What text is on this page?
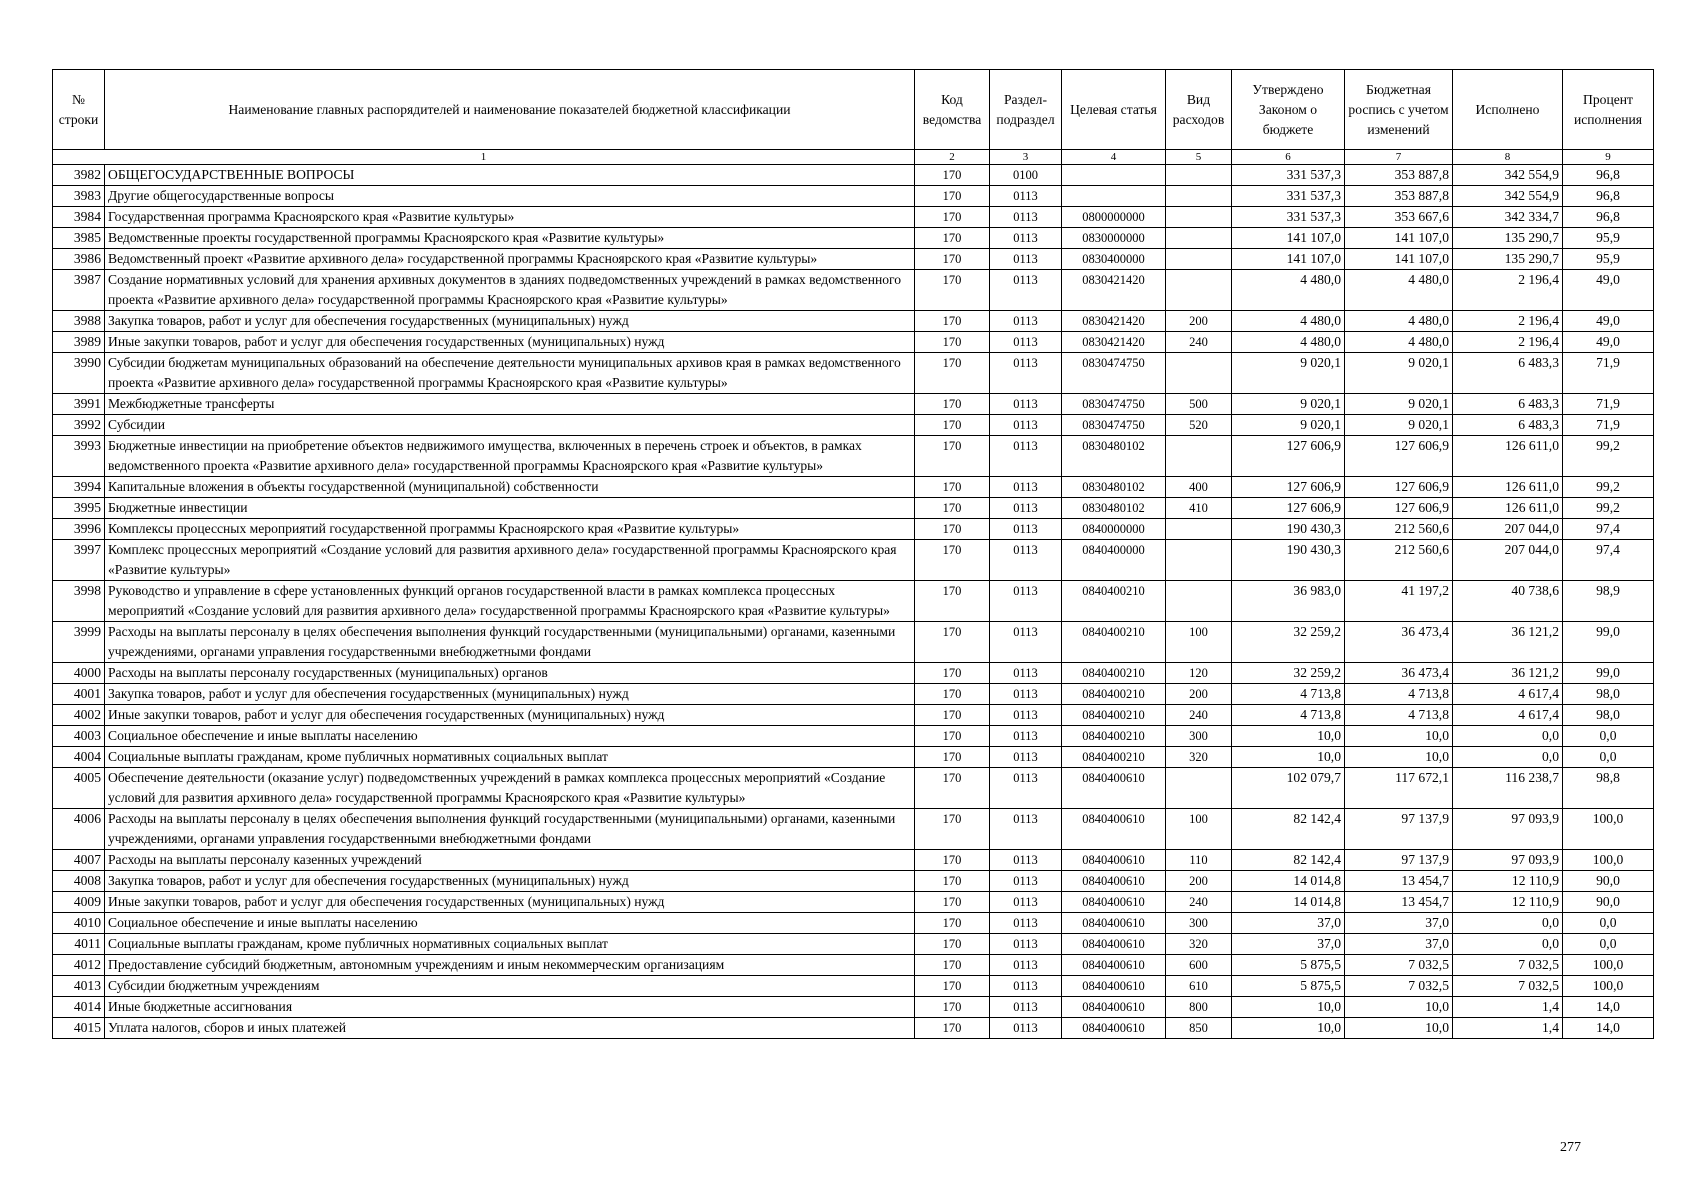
№ строки	Наименование главных распорядителей и наименование показателей бюджетной классификации	Код ведомства	Раздел-подраздел	Целевая статья	Вид расходов	Утверждено Законом о бюджете	Бюджетная роспись с учетом изменений	Исполнено	Процент исполнения
1		2	3	4	5	6	7	8	9
3982	ОБЩЕГОСУДАРСТВЕННЫЕ ВОПРОСЫ	170	0100			331 537,3	353 887,8	342 554,9	96,8
3983	Другие общегосударственные вопросы	170	0113			331 537,3	353 887,8	342 554,9	96,8
3984	Государственная программа Красноярского края «Развитие культуры»	170	0113	0800000000		331 537,3	353 667,6	342 334,7	96,8
3985	Ведомственные проекты государственной программы Красноярского края «Развитие культуры»	170	0113	0830000000		141 107,0	141 107,0	135 290,7	95,9
3986	Ведомственный проект «Развитие архивного дела» государственной программы Красноярского края «Развитие культуры»	170	0113	0830400000		141 107,0	141 107,0	135 290,7	95,9
3987	Создание нормативных условий для хранения архивных документов в зданиях подведомственных учреждений в рамках ведомственного проекта «Развитие архивного дела» государственной программы Красноярского края «Развитие культуры»	170	0113	0830421420		4 480,0	4 480,0	2 196,4	49,0
3988	Закупка товаров, работ и услуг для обеспечения государственных (муниципальных) нужд	170	0113	0830421420	200	4 480,0	4 480,0	2 196,4	49,0
3989	Иные закупки товаров, работ и услуг для обеспечения государственных (муниципальных) нужд	170	0113	0830421420	240	4 480,0	4 480,0	2 196,4	49,0
3990	Субсидии бюджетам муниципальных образований на обеспечение деятельности муниципальных архивов края в рамках ведомственного проекта «Развитие архивного дела» государственной программы Красноярского края «Развитие культуры»	170	0113	0830474750		9 020,1	9 020,1	6 483,3	71,9
3991	Межбюджетные трансферты	170	0113	0830474750	500	9 020,1	9 020,1	6 483,3	71,9
3992	Субсидии	170	0113	0830474750	520	9 020,1	9 020,1	6 483,3	71,9
3993	Бюджетные инвестиции на приобретение объектов недвижимого имущества, включенных в перечень строек и объектов, в рамках ведомственного проекта «Развитие архивного дела» государственной программы Красноярского края «Развитие культуры»	170	0113	0830480102		127 606,9	127 606,9	126 611,0	99,2
3994	Капитальные вложения в объекты государственной (муниципальной) собственности	170	0113	0830480102	400	127 606,9	127 606,9	126 611,0	99,2
3995	Бюджетные инвестиции	170	0113	0830480102	410	127 606,9	127 606,9	126 611,0	99,2
3996	Комплексы процессных мероприятий государственной программы Красноярского края «Развитие культуры»	170	0113	0840000000		190 430,3	212 560,6	207 044,0	97,4
3997	Комплекс процессных мероприятий «Создание условий для развития архивного дела» государственной программы Красноярского края «Развитие культуры»	170	0113	0840400000		190 430,3	212 560,6	207 044,0	97,4
3998	Руководство и управление в сфере установленных функций органов государственной власти в рамках комплекса процессных мероприятий «Создание условий для развития архивного дела» государственной программы Красноярского края «Развитие культуры»	170	0113	0840400210		36 983,0	41 197,2	40 738,6	98,9
3999	Расходы на выплаты персоналу в целях обеспечения выполнения функций государственными (муниципальными) органами, казенными учреждениями, органами управления государственными внебюджетными фондами	170	0113	0840400210	100	32 259,2	36 473,4	36 121,2	99,0
4000	Расходы на выплаты персоналу государственных (муниципальных) органов	170	0113	0840400210	120	32 259,2	36 473,4	36 121,2	99,0
4001	Закупка товаров, работ и услуг для обеспечения государственных (муниципальных) нужд	170	0113	0840400210	200	4 713,8	4 713,8	4 617,4	98,0
4002	Иные закупки товаров, работ и услуг для обеспечения государственных (муниципальных) нужд	170	0113	0840400210	240	4 713,8	4 713,8	4 617,4	98,0
4003	Социальное обеспечение и иные выплаты населению	170	0113	0840400210	300	10,0	10,0	0,0	0,0
4004	Социальные выплаты гражданам, кроме публичных нормативных социальных выплат	170	0113	0840400210	320	10,0	10,0	0,0	0,0
4005	Обеспечение деятельности (оказание услуг) подведомственных учреждений в рамках комплекса процессных мероприятий «Создание условий для развития архивного дела» государственной программы Красноярского края «Развитие культуры»	170	0113	0840400610		102 079,7	117 672,1	116 238,7	98,8
4006	Расходы на выплаты персоналу в целях обеспечения выполнения функций государственными (муниципальными) органами, казенными учреждениями, органами управления государственными внебюджетными фондами	170	0113	0840400610	100	82 142,4	97 137,9	97 093,9	100,0
4007	Расходы на выплаты персоналу казенных учреждений	170	0113	0840400610	110	82 142,4	97 137,9	97 093,9	100,0
4008	Закупка товаров, работ и услуг для обеспечения государственных (муниципальных) нужд	170	0113	0840400610	200	14 014,8	13 454,7	12 110,9	90,0
4009	Иные закупки товаров, работ и услуг для обеспечения государственных (муниципальных) нужд	170	0113	0840400610	240	14 014,8	13 454,7	12 110,9	90,0
4010	Социальное обеспечение и иные выплаты населению	170	0113	0840400610	300	37,0	37,0	0,0	0,0
4011	Социальные выплаты гражданам, кроме публичных нормативных социальных выплат	170	0113	0840400610	320	37,0	37,0	0,0	0,0
4012	Предоставление субсидий бюджетным, автономным учреждениям и иным некоммерческим организациям	170	0113	0840400610	600	5 875,5	7 032,5	7 032,5	100,0
4013	Субсидии бюджетным учреждениям	170	0113	0840400610	610	5 875,5	7 032,5	7 032,5	100,0
4014	Иные бюджетные ассигнования	170	0113	0840400610	800	10,0	10,0	1,4	14,0
4015	Уплата налогов, сборов и иных платежей	170	0113	0840400610	850	10,0	10,0	1,4	14,0
277
